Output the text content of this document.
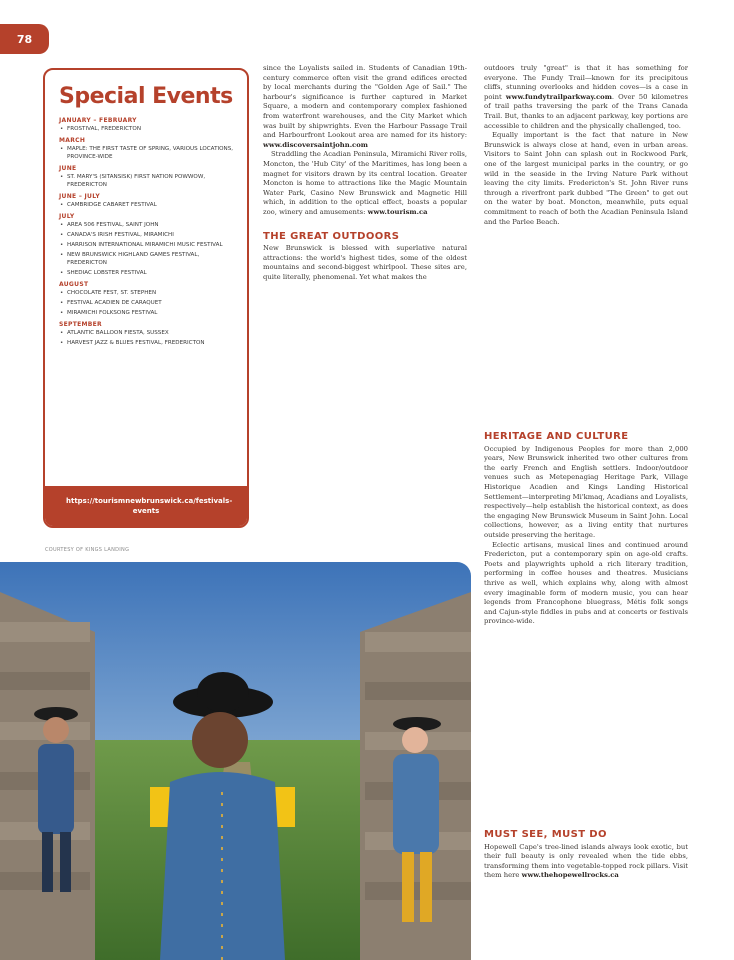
78
Special Events
JANUARY – FEBRUARY
• FROSTIVAL, FREDERICTON
MARCH
• MAPLE: THE FIRST TASTE OF SPRING, VARIOUS LOCATIONS, PROVINCE-WIDE
JUNE
• ST. MARY'S (SITANSISK) FIRST NATION POWWOW, FREDERICTON
JUNE – JULY
• CAMBRIDGE CABARET FESTIVAL
JULY
• AREA 506 FESTIVAL, SAINT JOHN
• CANADA'S IRISH FESTIVAL, MIRAMICHI
• HARRISON INTERNATIONAL MIRAMICHI MUSIC FESTIVAL
• NEW BRUNSWICK HIGHLAND GAMES FESTIVAL, FREDERICTON
• SHEDIAC LOBSTER FESTIVAL
AUGUST
• CHOCOLATE FEST, ST. STEPHEN
• FESTIVAL ACADIEN DE CARAQUET
• MIRAMICHI FOLKSONG FESTIVAL
SEPTEMBER
• ATLANTIC BALLOON FIESTA, SUSSEX
• HARVEST JAZZ & BLUES FESTIVAL, FREDERICTON
https://tourismnewbrunswick.ca/festivals-events
COURTESY OF KINGS LANDING

since the Loyalists sailed in. Students of Canadian 19th-century commerce often visit the grand edifices erected by local merchants during the "Golden Age of Sail." The harbour's significance is further captured in Market Square, a modern and contemporary complex fashioned from waterfront warehouses, and the City Market which was built by shipwrights. Even the Harbour Passage Trail and Harbourfront Lookout area are named for its history: www.discoversaintjohn.com

Straddling the Acadian Peninsula, Miramichi River rolls, Moncton, the 'Hub City' of the Maritimes, has long been a magnet for visitors drawn by its central location. Greater Moncton is home to attractions like the Magic Mountain Water Park, Casino New Brunswick and Magnetic Hill which, in addition to the optical effect, boasts a popular zoo, winery and amusements: www.tourism.ca

THE GREAT OUTDOORS

New Brunswick is blessed with superlative natural attractions: the world's highest tides, some of the oldest mountains and second-biggest whirlpool. These sites are, quite literally, phenomenal. Yet what makes the

outdoors truly "great" is that it has something for everyone. The Fundy Trail—known for its precipitous cliffs, stunning overlooks and hidden coves—is a case in point www.fundytrailparkway.com. Over 50 kilometres of trail paths traversing the park of the Trans Canada Trail. But, thanks to an adjacent parkway, key portions are accessible to children and the physically challenged, too.

Equally important is the fact that nature in New Brunswick is always close at hand, even in urban areas. Visitors to Saint John can splash out in Rockwood Park, one of the largest municipal parks in the country, or go wild in the seaside in the Irving Nature Park without leaving the city limits. Fredericton's St. John River runs through a riverfront park dubbed "The Green" to get out on the water by boat. Moncton, meanwhile, puts equal commitment to reach of both the Acadian Peninsula Island and the Parlee Beach.

HERITAGE AND CULTURE

Occupied by Indigenous Peoples for more than 2,000 years, New Brunswick inherited two other cultures from the early French and English settlers. Indoor/outdoor venues such as Metepenagiag Heritage Park, Village Historique Acadien and Kings Landing Historical Settlement—interpreting Mi'kmaq, Acadians and Loyalists, respectively—help establish the historical context, as does the engaging New Brunswick Museum in Saint John. Local collections, however, as a living entity that nurtures outside preserving the heritage.

Eclectic artisans, musical lines and continued around Fredericton, put a contemporary spin on age-old crafts. Poets and playwrights uphold a rich literary tradition, performing in coffee houses and theatres. Musicians thrive as well, which explains why, along with almost every imaginable form of modern music, you can hear legends from Francophone bluegrass, Métis folk songs and Cajun-style fiddles in pubs and at concerts or festivals province-wide.

MUST SEE, MUST DO

Hopewell Cape's tree-lined islands always look exotic, but their full beauty is only revealed when the tide ebbs, transforming them into vegetable-topped rock pillars. Visit them here www.thehopewellrocks.ca
